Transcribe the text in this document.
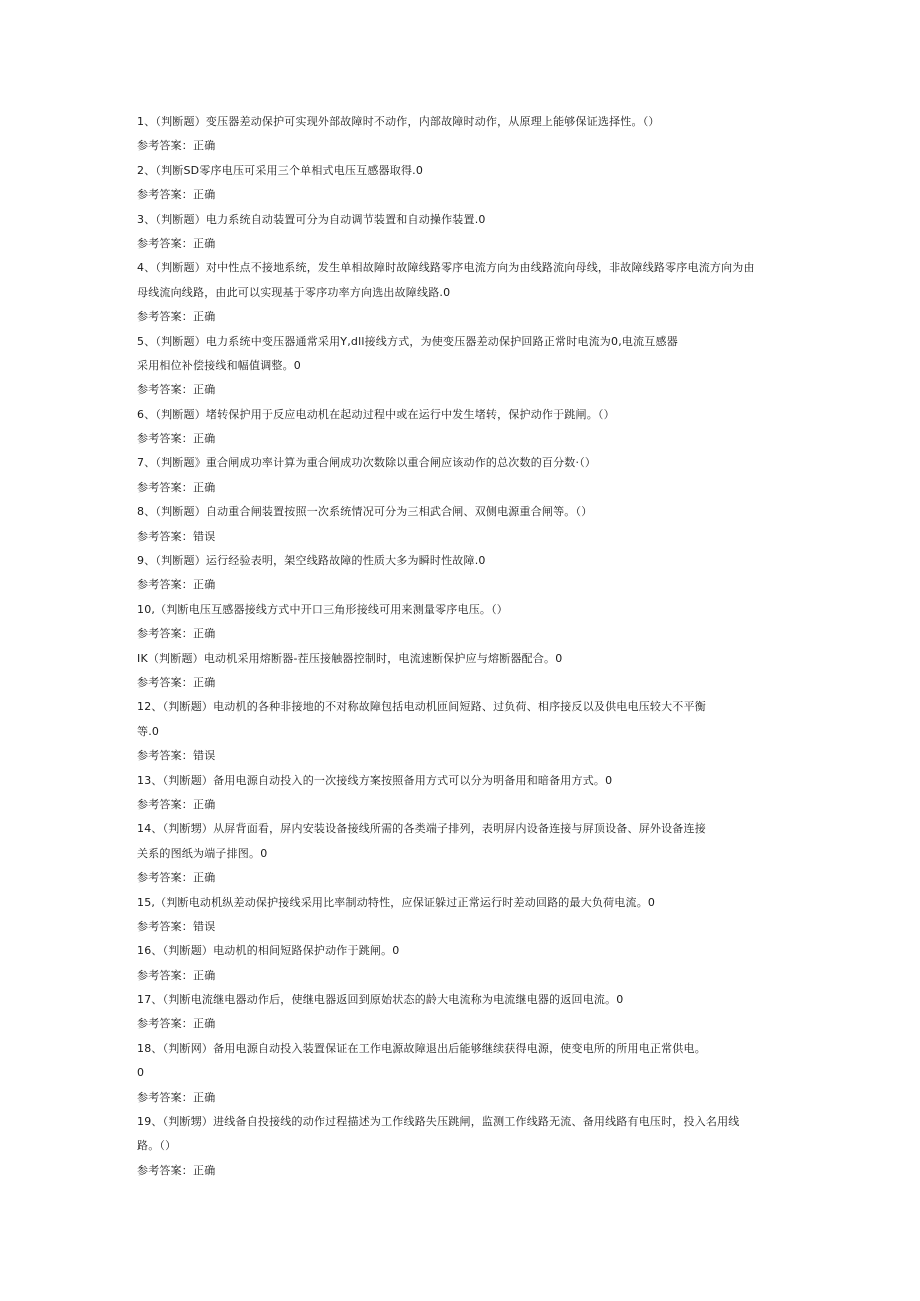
1、（判断题）变压器差动保护可实现外部故障时不动作，内部故障时动作，从原理上能够保证选择性。（）
参考答案：正确
2、（判断SD零序电压可采用三个单相式电压互感器取得.0
参考答案：正确
3、（判断题）电力系统自动装置可分为自动调节装置和自动操作装置.0
参考答案：正确
4、（判断题）对中性点不接地系统，发生单相故障时故障线路零序电流方向为由线路流向母线，非故障线路零序电流方向为由
母线流向线路，由此可以实现基于零序功率方向选出故障线路.0
参考答案：正确
5、（判断题）电力系统中变压器通常采用Y,dll接线方式，为使变压器差动保护回路正常时电流为0,电流互感器
采用相位补偿接线和幅值调整。0
参考答案：正确
6、（判断题）堵转保护用于反应电动机在起动过程中或在运行中发生堵转，保护动作于跳闸。（）
参考答案：正确
7、（判断题》重合闸成功率计算为重合闸成功次数除以重合闸应该动作的总次数的百分数·（）
参考答案：正确
8、（判断题）自动重合闸装置按照一次系统情况可分为三相武合闸、双侧电源重合闸等。（）
参考答案：错误
9、（判断题）运行经验表明，架空线路故障的性质大多为瞬时性故障.0
参考答案：正确
10,（判断电压互感器接线方式中开口三角形接线可用来测量零序电压。（）
参考答案：正确
IK（判断题）电动机采用熔断器-茬压接触器控制时，电流速断保护应与熔断器配合。0
参考答案：正确
12、（判断题）电动机的各种非接地的不对称故障包括电动机匝间短路、过负荷、相序接反以及供电电压较大不平衡
等.0
参考答案：错误
13、（判断题）备用电源自动投入的一次接线方案按照备用方式可以分为明备用和暗备用方式。0
参考答案：正确
14、（判断甥）从屏背面看，屏内安装设备接线所需的各类端子排列，表明屏内设备连接与屏顶设备、屏外设备连接
关系的图纸为端子排图。0
参考答案：正确
15,（判断电动机纵差动保护接线采用比率制动特性，应保证躲过正常运行时差动回路的最大负荷电流。0
参考答案：错误
16、（判断题）电动机的相间短路保护动作于跳闸。0
参考答案：正确
17、（判断电流继电器动作后，使继电器返回到原始状态的龄大电流称为电流继电器的返回电流。0
参考答案：正确
18、（判断网）备用电源自动投入装置保证在工作电源故障退出后能够继续获得电源，使变电所的所用电正常供电。
0
参考答案：正确
19、（判断甥）进线备自投接线的动作过程描述为工作线路失压跳闸，监测工作线路无流、备用线路有电压时，投入名用线
路。（）
参考答案：正确
